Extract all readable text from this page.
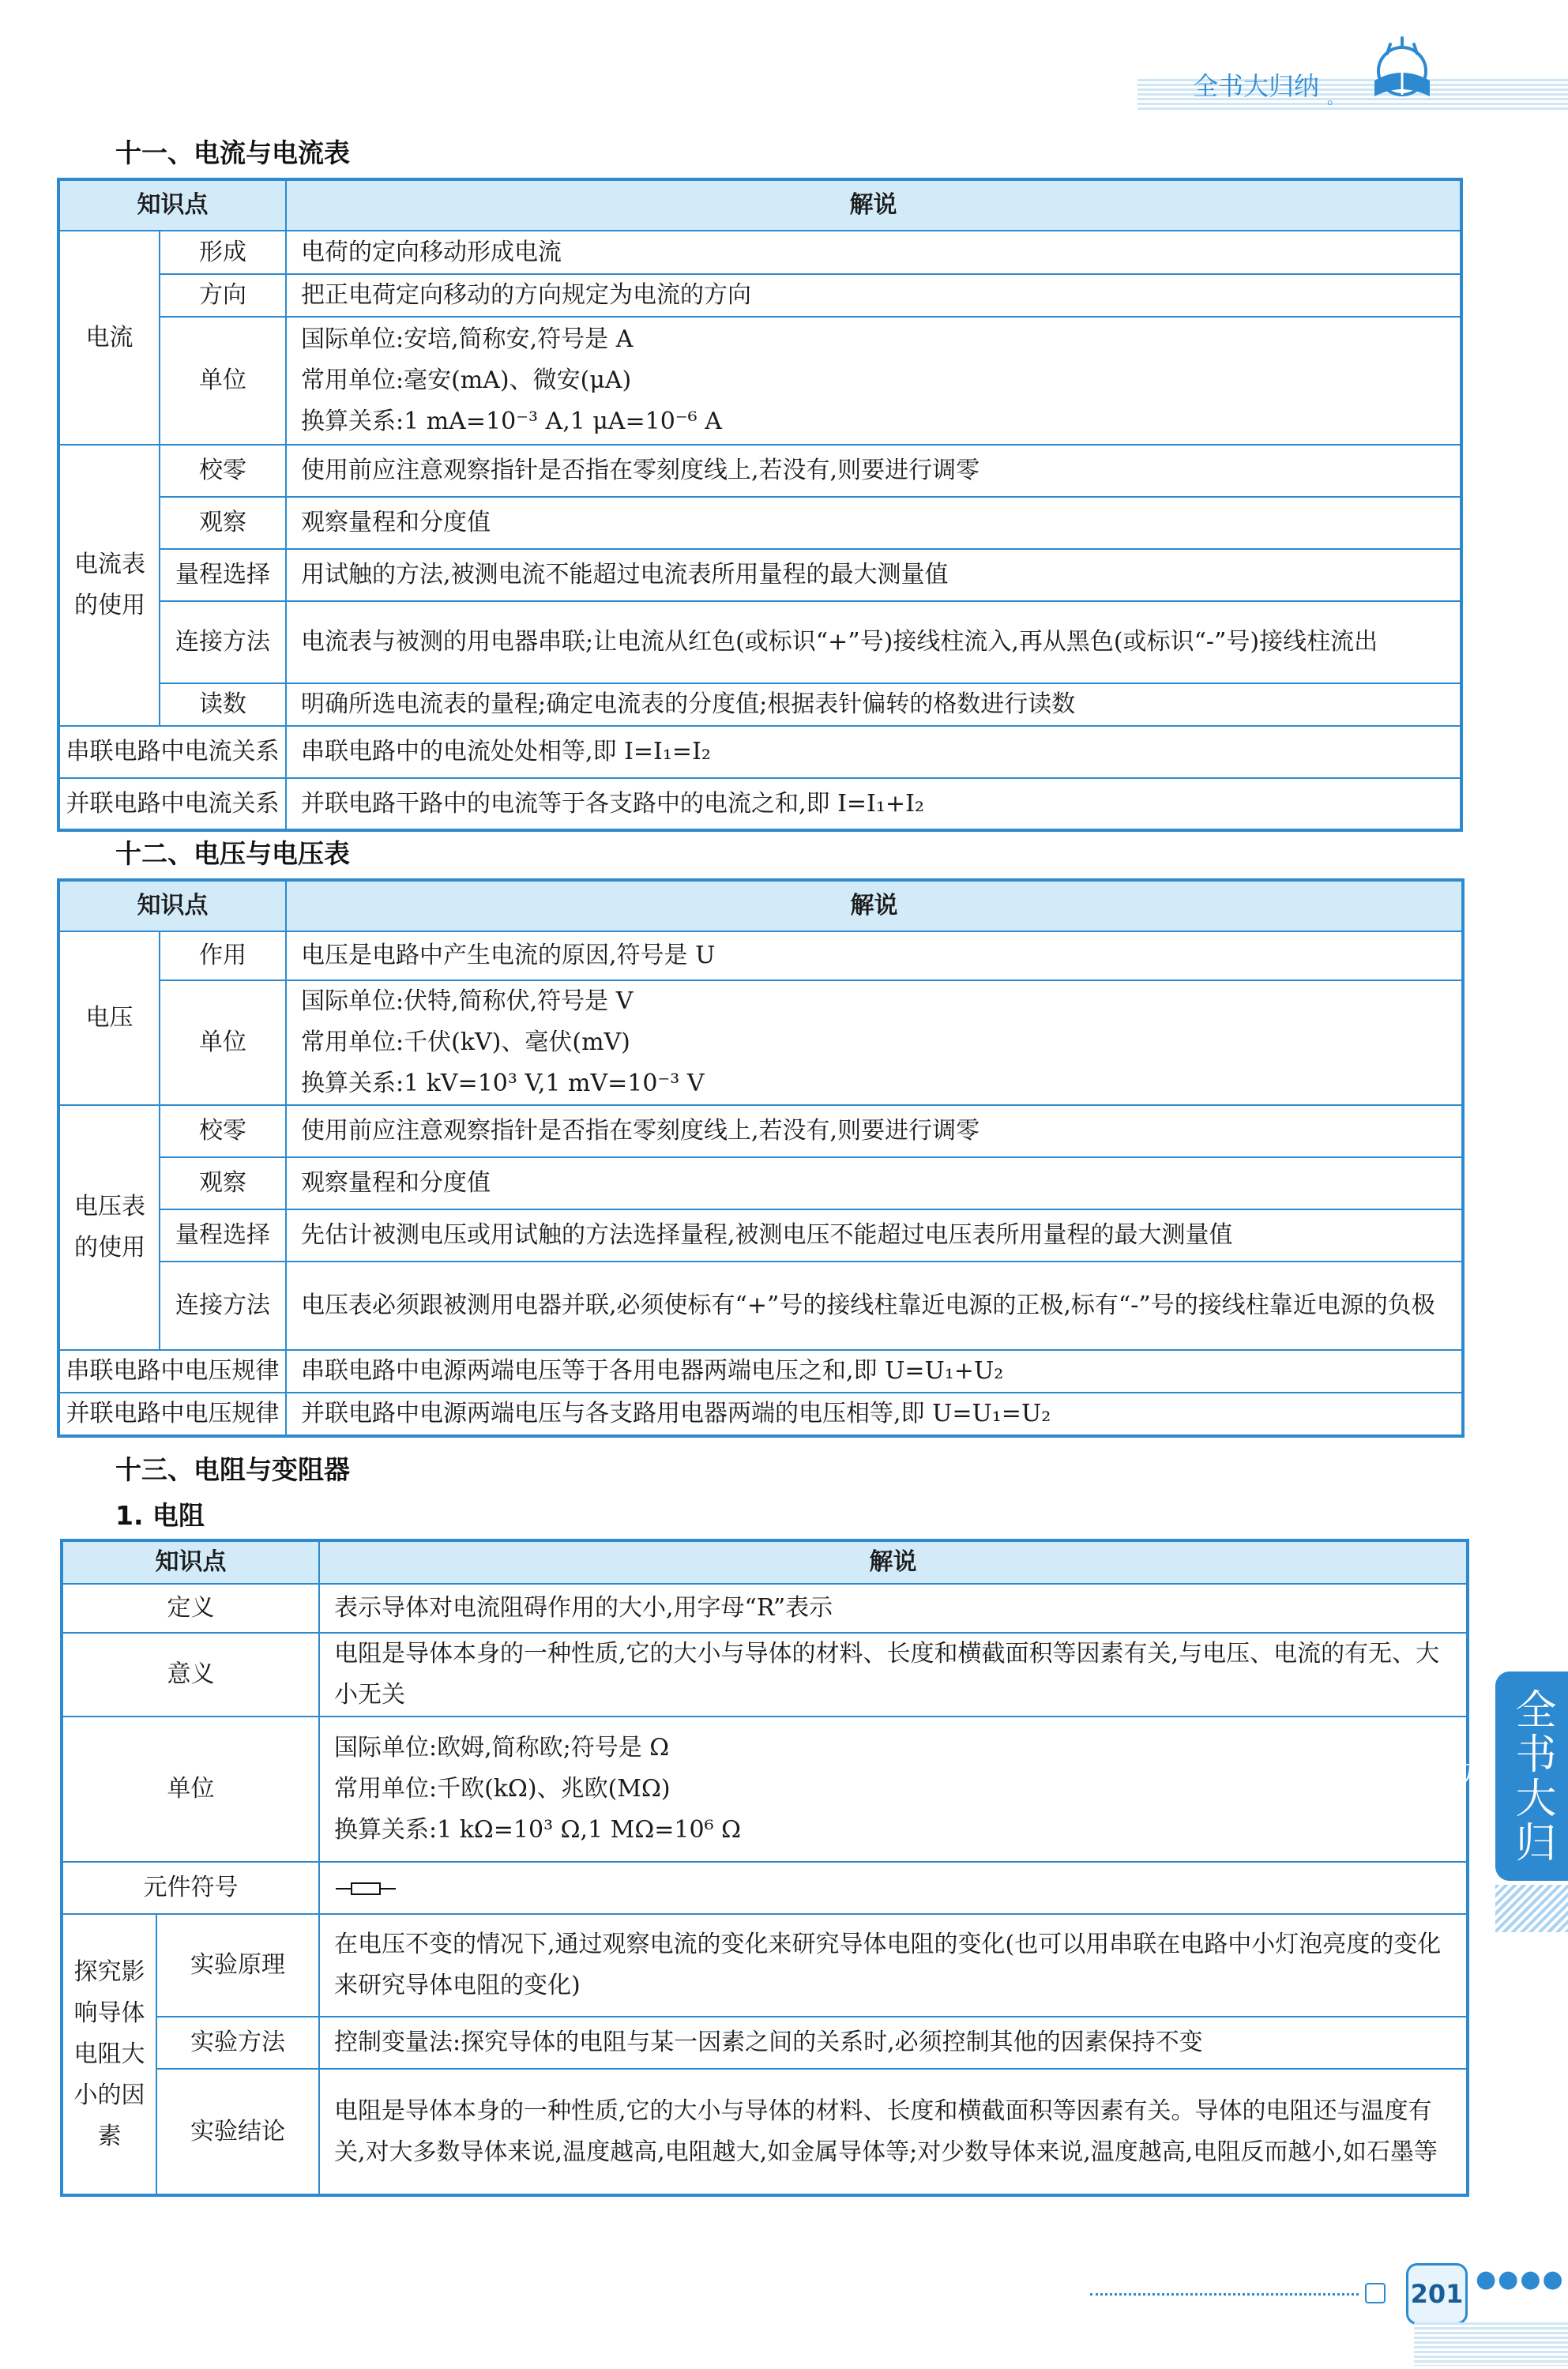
全书大归纳 。
十一、电流与电流表
知识点		解说
电流	形成	电荷的定向移动形成电流
	方向	把正电荷定向移动的方向规定为电流的方向
	单位	国际单位:安培,简称安,符号是 A
常用单位:毫安(mA)、微安(μA)
换算关系:1 mA=10⁻³ A,1 μA=10⁻⁶ A

电流表的使用	校零	使用前应注意观察指针是否指在零刻度线上,若没有,则要进行调零
	观察	观察量程和分度值
	量程选择	用试触的方法,被测电流不能超过电流表所用量程的最大测量值
	连接方法	电流表与被测的用电器串联;让电流从红色(或标识“+”号)接线柱流入,再从黑色(或标识“-”号)接线柱流出
	读数	明确所选电流表的量程;确定电流表的分度值;根据表针偏转的格数进行读数
串联电路中电流关系		串联电路中的电流处处相等,即 I=I₁=I₂
并联电路中电流关系		并联电路干路中的电流等于各支路中的电流之和,即 I=I₁+I₂
十二、电压与电压表
知识点		解说
电压	作用	电压是电路中产生电流的原因,符号是 U
	单位	国际单位:伏特,简称伏,符号是 V
常用单位:千伏(kV)、毫伏(mV)
换算关系:1 kV=10³ V,1 mV=10⁻³ V

电压表的使用	校零	使用前应注意观察指针是否指在零刻度线上,若没有,则要进行调零
	观察	观察量程和分度值
	量程选择	先估计被测电压或用试触的方法选择量程,被测电压不能超过电压表所用量程的最大测量值
	连接方法	电压表必须跟被测用电器并联,必须使标有“+”号的接线柱靠近电源的正极,标有“-”号的接线柱靠近电源的负极
串联电路中电压规律		串联电路中电源两端电压等于各用电器两端电压之和,即 U=U₁+U₂
并联电路中电压规律		并联电路中电源两端电压与各支路用电器两端的电压相等,即 U=U₁=U₂
十三、电阻与变阻器
1. 电阻
知识点		解说
定义		表示导体对电流阻碍作用的大小,用字母“R”表示
意义		电阻是导体本身的一种性质,它的大小与导体的材料、长度和横截面积等因素有关,与电压、电流的有无、大小无关
单位		国际单位:欧姆,简称欧;符号是 Ω
常用单位:千欧(kΩ)、兆欧(MΩ)
换算关系:1 kΩ=10³ Ω,1 MΩ=10⁶ Ω

元件符号	
探究影响导体电阻大小的因素	实验原理	在电压不变的情况下,通过观察电流的变化来研究导体电阻的变化(也可以用串联在电路中小灯泡亮度的变化来研究导体电阻的变化)
	实验方法	控制变量法:探究导体的电阻与某一因素之间的关系时,必须控制其他的因素保持不变
	实验结论	电阻是导体本身的一种性质,它的大小与导体的材料、长度和横截面积等因素有关。导体的电阻还与温度有关,对大多数导体来说,温度越高,电阻越大,如金属导体等;对少数导体来说,温度越高,电阻反而越小,如石墨等
全书大归纳
201 ●●●●
